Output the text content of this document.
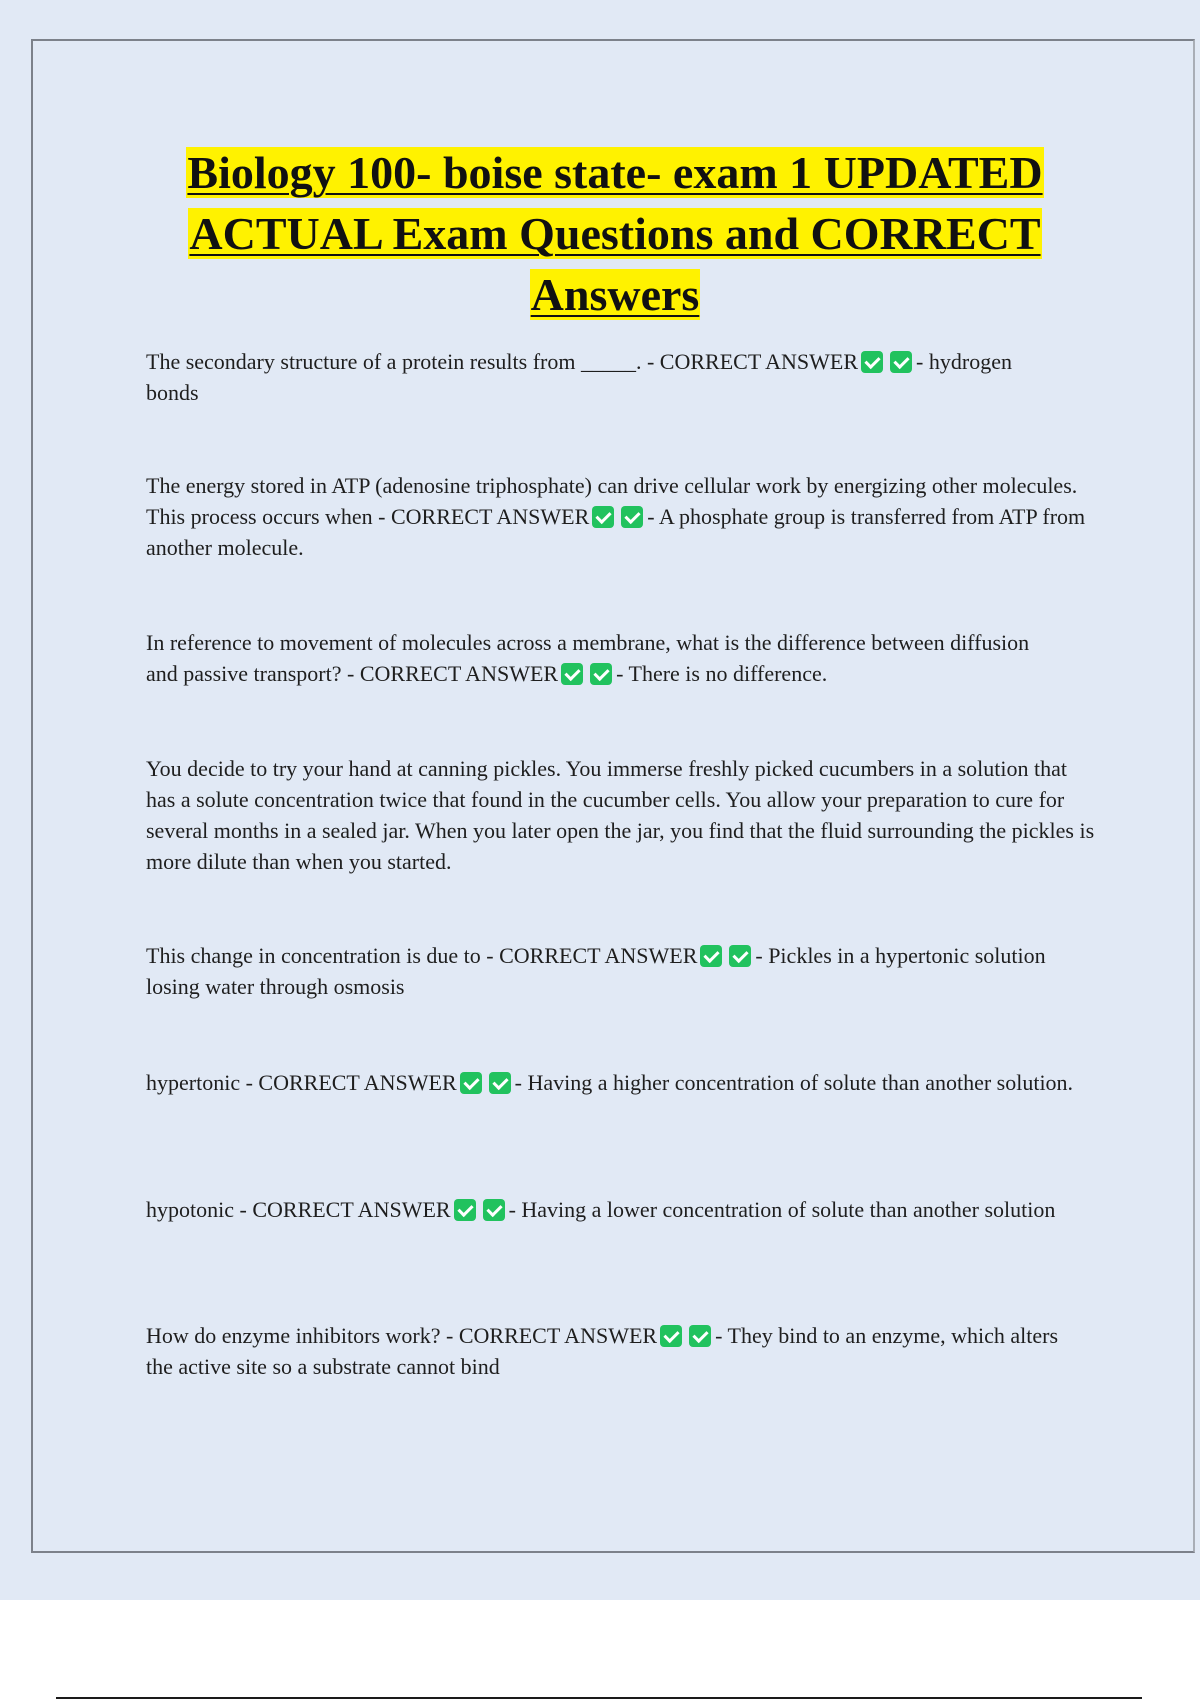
Biology 100- boise state- exam 1 UPDATED ACTUAL Exam Questions and CORRECT Answers

The secondary structure of a protein results from _____. - CORRECT ANSWER	- hydrogen bonds

The energy stored in ATP (adenosine triphosphate) can drive cellular work by energizing other molecules. This process occurs when - CORRECT ANSWER	- A phosphate group is transferred from ATP from another molecule.

In reference to movement of molecules across a membrane, what is the difference between diffusion and passive transport? - CORRECT ANSWER	- There is no difference.

You decide to try your hand at canning pickles. You immerse freshly picked cucumbers in a solution that has a solute concentration twice that found in the cucumber cells. You allow your preparation to cure for several months in a sealed jar. When you later open the jar, you find that the fluid surrounding the pickles is more dilute than when you started.

This change in concentration is due to - CORRECT ANSWER	- Pickles in a hypertonic solution losing water through osmosis

hypertonic - CORRECT ANSWER	- Having a higher concentration of solute than another solution.

hypotonic - CORRECT ANSWER	- Having a lower concentration of solute than another solution

How do enzyme inhibitors work? - CORRECT ANSWER	- They bind to an enzyme, which alters the active site so a substrate cannot bind
